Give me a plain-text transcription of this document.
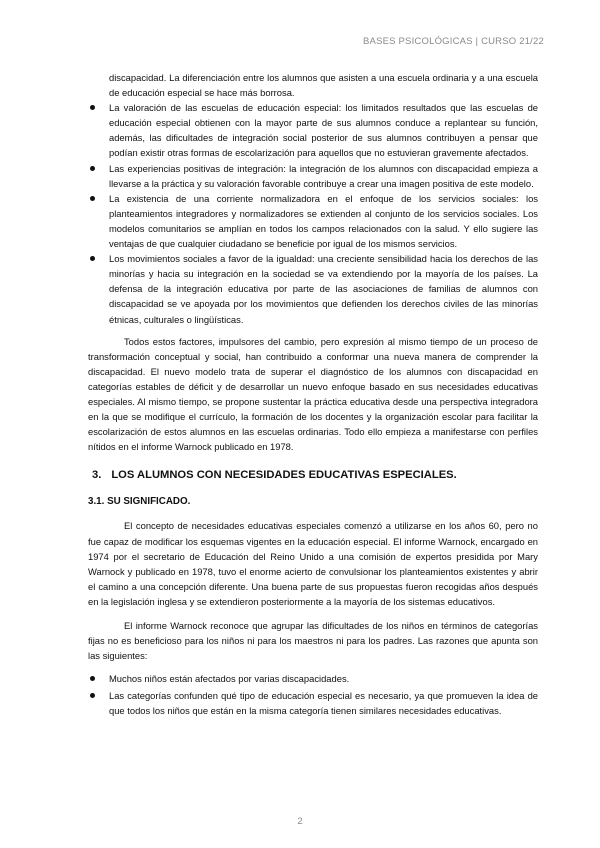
BASES PSICOLÓGICAS | CURSO 21/22

discapacidad. La diferenciación entre los alumnos que asisten a una escuela ordinaria y a una escuela de educación especial se hace más borrosa.

La valoración de las escuelas de educación especial: los limitados resultados que las escuelas de educación especial obtienen con la mayor parte de sus alumnos conduce a replantear su función, además, las dificultades de integración social posterior de sus alumnos contribuyen a pensar que podían existir otras formas de escolarización para aquellos que no estuvieran gravemente afectados.
Las experiencias positivas de integración: la integración de los alumnos con discapacidad empieza a llevarse a la práctica y su valoración favorable contribuye a crear una imagen positiva de este modelo.
La existencia de una corriente normalizadora en el enfoque de los servicios sociales: los planteamientos integradores y normalizadores se extienden al conjunto de los servicios sociales. Los modelos comunitarios se amplían en todos los campos relacionados con la salud. Y ello sugiere las ventajas de que cualquier ciudadano se beneficie por igual de los mismos servicios.
Los movimientos sociales a favor de la igualdad: una creciente sensibilidad hacia los derechos de las minorías y hacia su integración en la sociedad se va extendiendo por la mayoría de los países. La defensa de la integración educativa por parte de las asociaciones de familias de alumnos con discapacidad se ve apoyada por los movimientos que defienden los derechos civiles de las minorías étnicas, culturales o lingüísticas.

Todos estos factores, impulsores del cambio, pero expresión al mismo tiempo de un proceso de transformación conceptual y social, han contribuido a conformar una nueva manera de comprender la discapacidad. El nuevo modelo trata de superar el diagnóstico de los alumnos con discapacidad en categorías estables de déficit y de desarrollar un nuevo enfoque basado en sus necesidades educativas especiales. Al mismo tiempo, se propone sustentar la práctica educativa desde una perspectiva integradora en la que se modifique el currículo, la formación de los docentes y la organización escolar para facilitar la escolarización de estos alumnos en las escuelas ordinarias. Todo ello empieza a manifestarse con perfiles nítidos en el informe Warnock publicado en 1978.

3. LOS ALUMNOS CON NECESIDADES EDUCATIVAS ESPECIALES.
3.1. SU SIGNIFICADO.

El concepto de necesidades educativas especiales comenzó a utilizarse en los años 60, pero no fue capaz de modificar los esquemas vigentes en la educación especial. El informe Warnock, encargado en 1974 por el secretario de Educación del Reino Unido a una comisión de expertos presidida por Mary Warnock y publicado en 1978, tuvo el enorme acierto de convulsionar los planteamientos existentes y abrir el camino a una concepción diferente. Una buena parte de sus propuestas fueron recogidas años después en la legislación inglesa y se extendieron posteriormente a la mayoría de los sistemas educativos.

El informe Warnock reconoce que agrupar las dificultades de los niños en términos de categorías fijas no es beneficioso para los niños ni para los maestros ni para los padres. Las razones que apunta son las siguientes:

Muchos niños están afectados por varias discapacidades.
Las categorías confunden qué tipo de educación especial es necesario, ya que promueven la idea de que todos los niños que están en la misma categoría tienen similares necesidades educativas.
2
